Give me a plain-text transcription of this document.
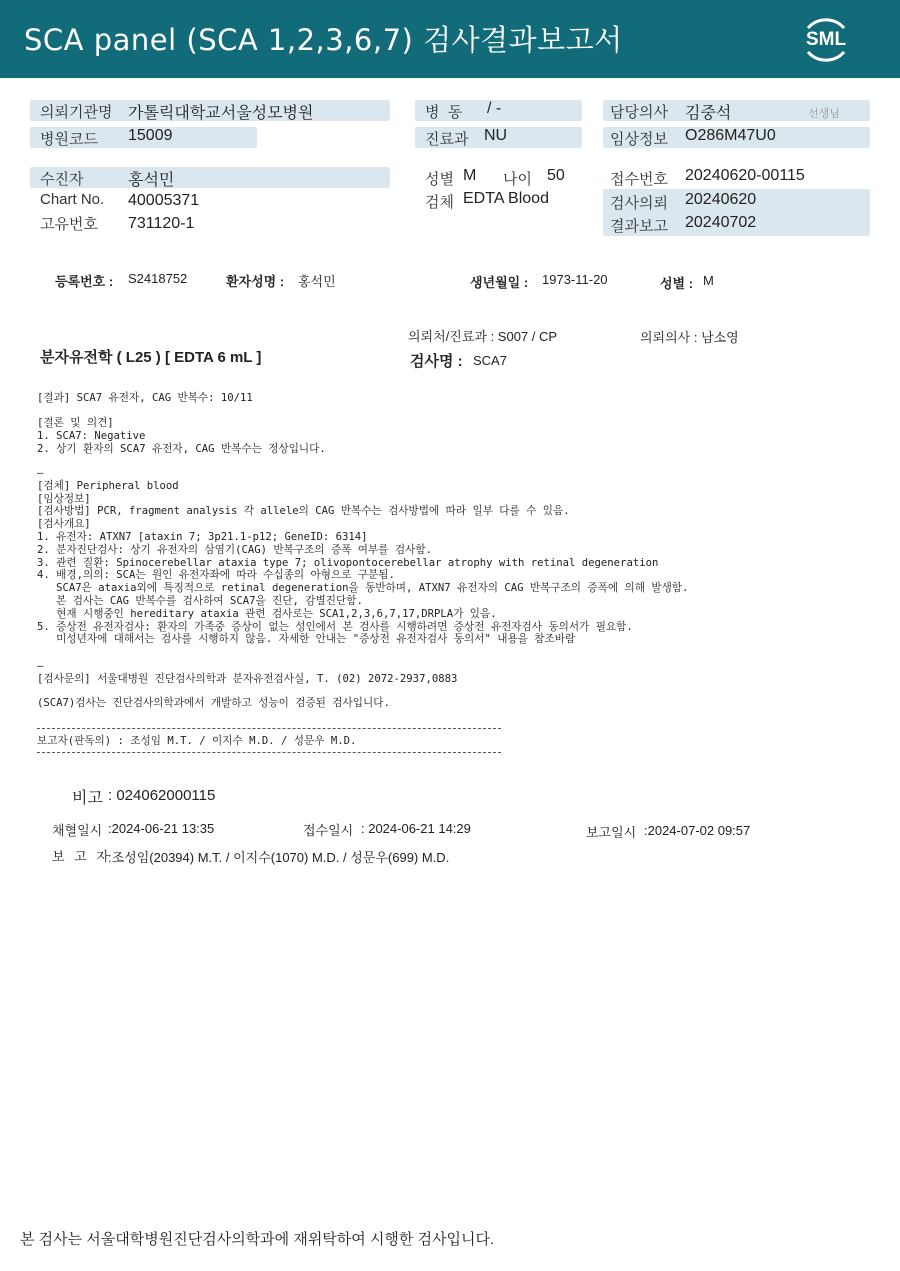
SCA panel (SCA 1,2,3,6,7) 검사결과보고서	SML
의뢰기관명 가톨릭대학교서울성모병원
병원코드 15009
병  동 / -
진료과 NU
담당의사 김중석	선생님
임상정보 O286M47U0
수진자	홍석민
Chart No. 40005371
고유번호 731120-1
성별 M 나이 50
검체 EDTA Blood
접수번호 20240620-00115
검사의뢰 20240620
결과보고 20240702
등록번호 : S2418752	환자성명 : 홍석민	생년월일 : 1973-11-20	성별 : M
의뢰처/진료과 : S007 / CP	의뢰의사 : 남소영
분자유전학 ( L25 ) [ EDTA 6 mL ]	검사명 : SCA7
[결과] SCA7 유전자, CAG 반복수: 10/11
[결론 및 의견]
1. SCA7: Negative
2. 상기 환자의 SCA7 유전자, CAG 반복수는 정상입니다.
—
[검체] Peripheral blood
[임상정보]
[검사방법] PCR, fragment analysis 각 allele의 CAG 반복수는 검사방법에 따라 일부 다를 수 있음.
[검사개요]
1. 유전자: ATXN7 [ataxin 7; 3p21.1-p12; GeneID: 6314]
2. 분자진단검사: 상기 유전자의 삼염기(CAG) 반복구조의 증폭 여부를 검사함.
3. 관련 질환: Spinocerebellar ataxia type 7; olivopontocerebellar atrophy with retinal degeneration
4. 배경,의의: SCA는 원인 유전자좌에 따라 수십종의 아형으로 구분됨.
SCA7은 ataxia외에 특징적으로 retinal degeneration을 동반하며, ATXN7 유전자의 CAG 반복구조의 증폭에 의해 발생함.
본 검사는 CAG 반복수를 검사하여 SCA7을 진단, 감별진단함.
현재 시행중인 hereditary ataxia 관련 검사로는 SCA1,2,3,6,7,17,DRPLA가 있음.
5. 증상전 유전자검사: 환자의 가족중 증상이 없는 성인에서 본 검사를 시행하려면 증상전 유전자검사 동의서가 필요함.
미성년자에 대해서는 검사를 시행하지 않음. 자세한 안내는 "증상전 유전자검사 동의서" 내용을 참조바람
—
[검사문의] 서울대병원 진단검사의학과 분자유전검사실, T. (02) 2072-2937,0883
(SCA7)검사는 진단검사의학과에서 개발하고 성능이 검증된 검사입니다.
보고자(판독의) : 조성임 M.T. / 이지수 M.D. / 성문우 M.D.
비고 : 024062000115
채혈일시 :2024-06-21 13:35	접수일시 : 2024-06-21 14:29	보고일시 :2024-07-02 09:57
보 고 자 :조성임(20394) M.T. / 이지수(1070) M.D. / 성문우(699) M.D.
본 검사는 서울대학병원진단검사의학과에 재위탁하여 시행한 검사입니다.
